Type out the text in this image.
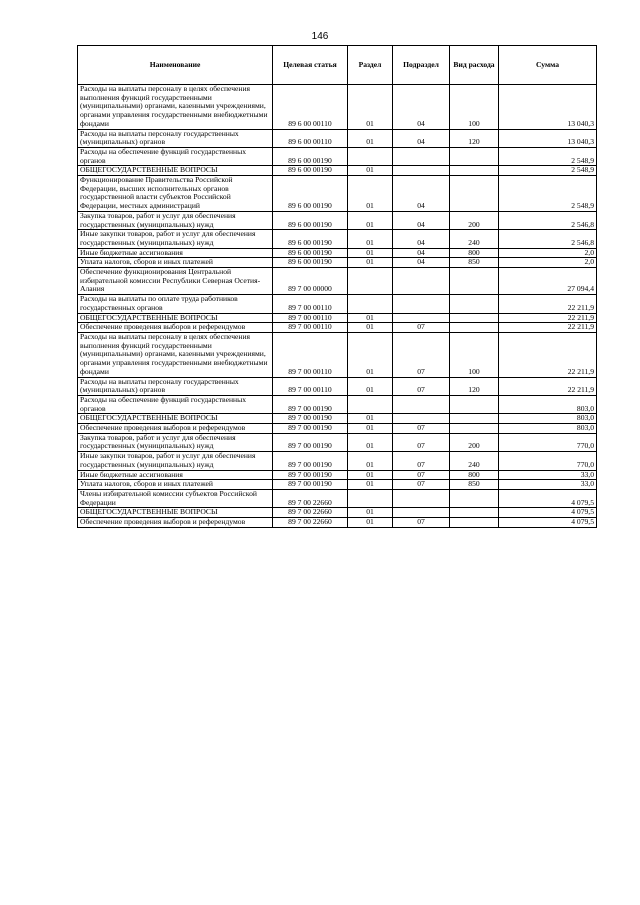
146
Наименование	Целевая статья	Раздел	Подраздел	Вид расхода	Сумма
Расходы на выплаты персоналу в целях обеспечения выполнения функций государственными (муниципальными) органами, казенными учреждениями, органами управления государственными внебюджетными фондами	89 6 00 00110	01	04	100	13 040,3
Расходы на выплаты персоналу государственных (муниципальных) органов	89 6 00 00110	01	04	120	13 040,3
Расходы на обеспечение функций государственных органов	89 6 00 00190				2 548,9
ОБЩЕГОСУДАРСТВЕННЫЕ ВОПРОСЫ	89 6 00 00190	01			2 548,9
Функционирование Правительства Российской Федерации, высших исполнительных органов государственной власти субъектов Российской Федерации, местных администраций	89 6 00 00190	01	04		2 548,9
Закупка товаров, работ и услуг для обеспечения государственных (муниципальных) нужд	89 6 00 00190	01	04	200	2 546,8
Иные закупки товаров, работ и услуг для обеспечения государственных (муниципальных) нужд	89 6 00 00190	01	04	240	2 546,8
Иные бюджетные ассигнования	89 6 00 00190	01	04	800	2,0
Уплата налогов, сборов и иных платежей	89 6 00 00190	01	04	850	2,0
Обеспечение функционирования Центральной избирательной комиссии Республики Северная Осетия-Алания	89 7 00 00000				27 094,4
Расходы на выплаты по оплате труда работников государственных органов	89 7 00 00110				22 211,9
ОБЩЕГОСУДАРСТВЕННЫЕ ВОПРОСЫ	89 7 00 00110	01			22 211,9
Обеспечение проведения выборов и референдумов	89 7 00 00110	01	07		22 211,9
Расходы на выплаты персоналу в целях обеспечения выполнения функций государственными (муниципальными) органами, казенными учреждениями, органами управления государственными внебюджетными фондами	89 7 00 00110	01	07	100	22 211,9
Расходы на выплаты персоналу государственных (муниципальных) органов	89 7 00 00110	01	07	120	22 211,9
Расходы на обеспечение функций государственных органов	89 7 00 00190				803,0
ОБЩЕГОСУДАРСТВЕННЫЕ ВОПРОСЫ	89 7 00 00190	01			803,0
Обеспечение проведения выборов и референдумов	89 7 00 00190	01	07		803,0
Закупка товаров, работ и услуг для обеспечения государственных (муниципальных) нужд	89 7 00 00190	01	07	200	770,0
Иные закупки товаров, работ и услуг для обеспечения государственных (муниципальных) нужд	89 7 00 00190	01	07	240	770,0
Иные бюджетные ассигнования	89 7 00 00190	01	07	800	33,0
Уплата налогов, сборов и иных платежей	89 7 00 00190	01	07	850	33,0
Члены избирательной комиссии субъектов Российской Федерации	89 7 00 22660				4 079,5
ОБЩЕГОСУДАРСТВЕННЫЕ ВОПРОСЫ	89 7 00 22660	01			4 079,5
Обеспечение проведения выборов и референдумов	89 7 00 22660	01	07		4 079,5
